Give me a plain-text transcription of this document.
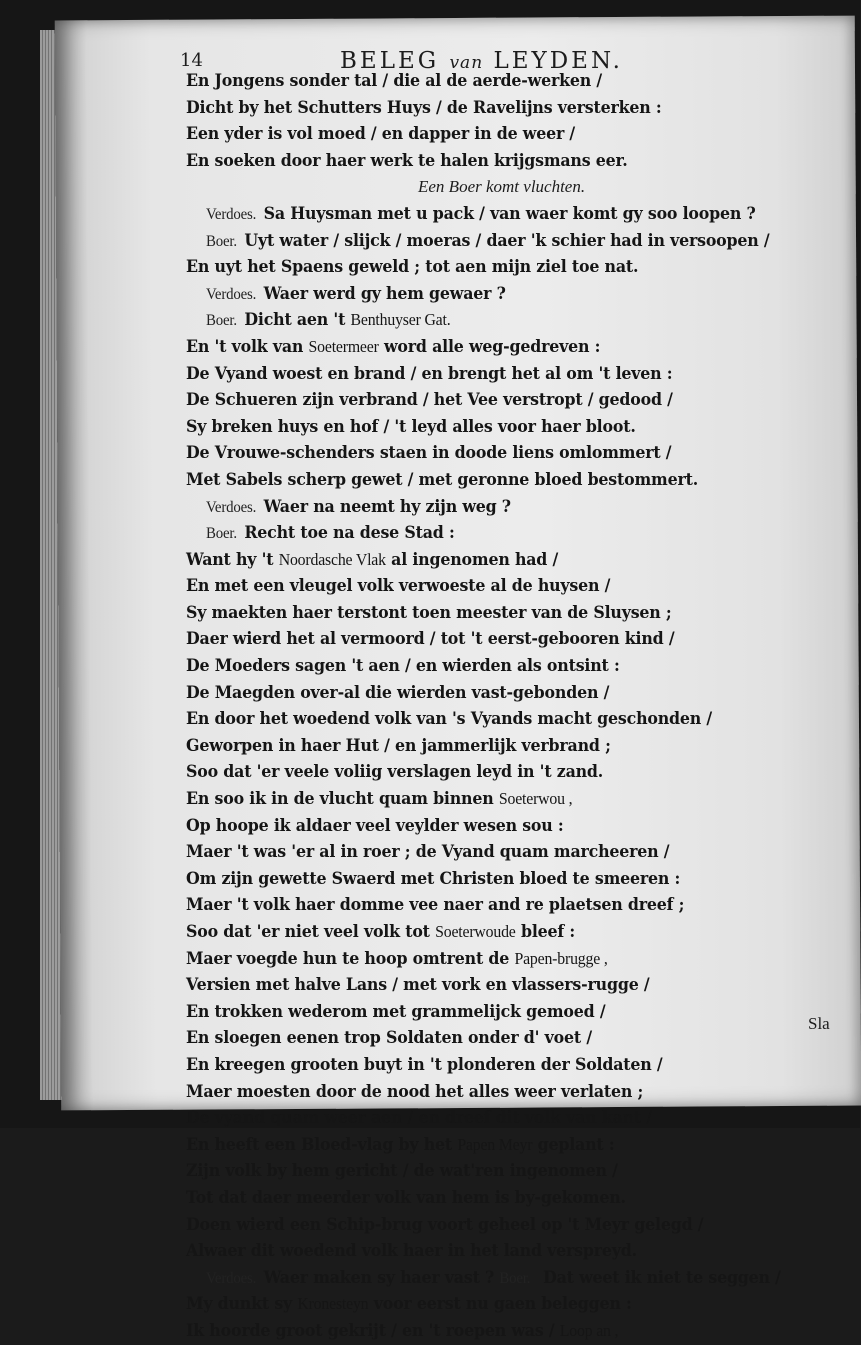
14	BELEG van LEYDEN.
En Jongens sonder tal / die al de aerde-werken /
Dicht by het Schutters Huys / de Ravelijns versterken :
Een yder is vol moed / en dapper in de weer /
En soeken door haer werk te halen krijgsmans eer.
Een Boer komt vluchten.
Verdoes. Sa Huysman met u pack / van waer komt gy soo loopen ?
Boer. Uyt water / slijck / moeras / daer 'k schier had in versoopen /
En uyt het Spaens geweld ; tot aen mijn ziel toe nat.
Verdoes. Waer werd gy hem gewaer ?
Boer. Dicht aen 't Benthuyser Gat.
En 't volk van Soetermeer word alle weg-gedreven :
De Vyand woest en brand / en brengt het al om 't leven :
De Schueren zijn verbrand / het Vee verstropt / gedood /
Sy breken huys en hof / 't leyd alles voor haer bloot.
De Vrouwe-schenders staen in doode liens omlommert /
Met Sabels scherp gewet / met geronne bloed bestommert.
Verdoes. Waer na neemt hy zijn weg ?
Boer. Recht toe na dese Stad :
Want hy 't Noordasche Vlak al ingenomen had /
En met een vleugel volk verwoeste al de huysen /
Sy maekten haer terstont toen meester van de Sluysen ;
Daer wierd het al vermoord / tot 't eerst-gebooren kind /
De Moeders sagen 't aen / en wierden als ontsint :
De Maegden over-al die wierden vast-gebonden /
En door het woedend volk van 's Vyands macht geschonden /
Geworpen in haer Hut / en jammerlijk verbrand ;
Soo dat 'er veele voliig verslagen leyd in 't zand.
En soo ik in de vlucht quam binnen Soeterwou ,
Op hoope ik aldaer veel veylder wesen sou :
Maer 't was 'er al in roer ; de Vyand quam marcheeren /
Om zijn gewette Swaerd met Christen bloed te smeeren :
Maer 't volk haer domme vee naer and re plaetsen dreef ;
Soo dat 'er niet veel volk tot Soeterwoude bleef :
Maer voegde hun te hoop omtrent de Papen-brugge ,
Versien met halve Lans / met vork en vlassers-rugge /
En trokken wederom met grammelijck gemoed /
En sloegen eenen trop Soldaten onder d' voet /
En kreegen grooten buyt in 't plonderen der Soldaten /
Maer moesten door de nood het alles weer verlaten ;
De vyand quam weer aen / en dreef dit volk van kant /
En heeft een Bloed-vlag by het Papen Meyr geplant :
Zijn volk by hem gericht / de wat'ren ingenomen /
Tot dat daer meerder volk van hem is by-gekomen.
Doen wierd een Schip-brug voort geheel op 't Meyr gelegd /
Alwaer dit woedend volk haer in het land verspreyd.
Verdoes. Waer maken sy haer vast ? Boer. Dat weet ik niet te seggen /
My dunkt sy Kronesteyn voor eerst nu gaen beleggen :
Ik hoorde groot gekrijt / en 't roepen was / Loop an ,
Sla
